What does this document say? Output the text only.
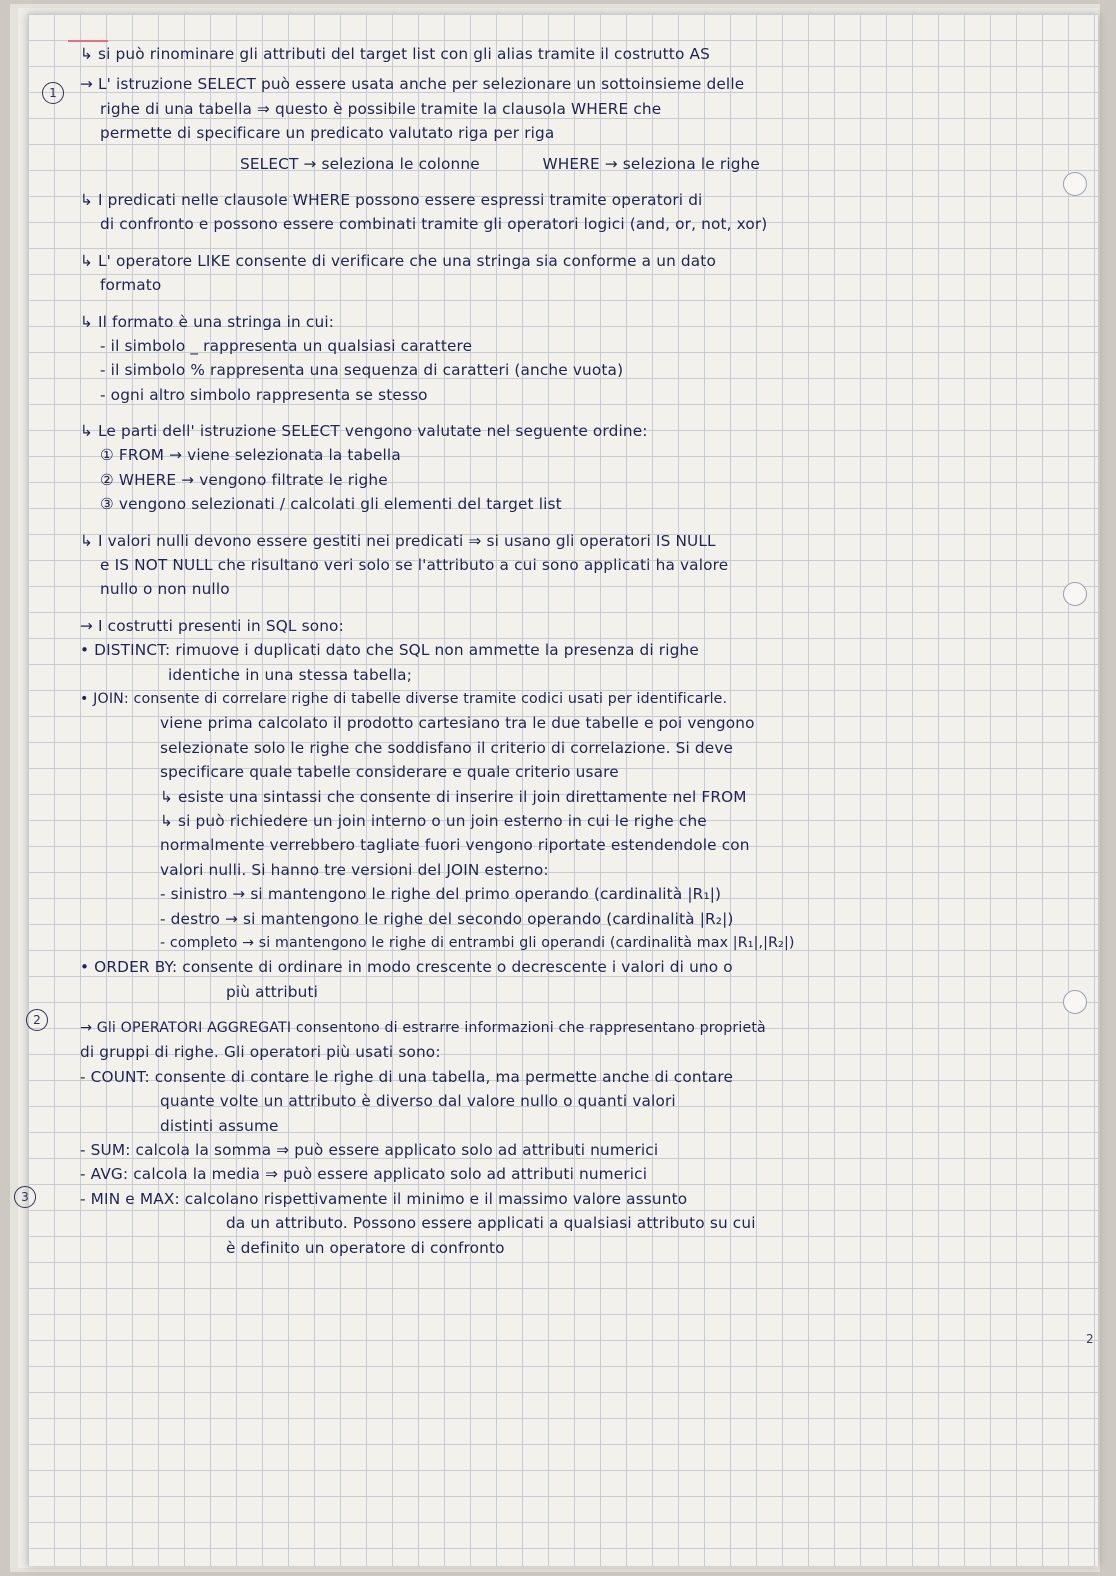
1
2
3
2
↳ si può rinominare gli attributi del target list con gli alias tramite il costrutto AS
→ L' istruzione SELECT può essere usata anche per selezionare un sottoinsieme delle
righe di una tabella ⇒ questo è possibile tramite la clausola WHERE che
permette di specificare un predicato valutato riga per riga
SELECT → seleziona le colonne	WHERE → seleziona le righe
↳ I predicati nelle clausole WHERE possono essere espressi tramite operatori di
di confronto e possono essere combinati tramite gli operatori logici (and, or, not, xor)
↳ L' operatore LIKE consente di verificare che una stringa sia conforme a un dato
formato
↳ Il formato è una stringa in cui:
- il simbolo _ rappresenta un qualsiasi carattere
- il simbolo % rappresenta una sequenza di caratteri (anche vuota)
- ogni altro simbolo rappresenta se stesso
↳ Le parti dell' istruzione SELECT vengono valutate nel seguente ordine:
① FROM → viene selezionata la tabella
② WHERE → vengono filtrate le righe
③ vengono selezionati / calcolati gli elementi del target list
↳ I valori nulli devono essere gestiti nei predicati ⇒ si usano gli operatori IS NULL
e IS NOT NULL che risultano veri solo se l'attributo a cui sono applicati ha valore
nullo o non nullo
→ I costrutti presenti in SQL sono:
• DISTINCT: rimuove i duplicati dato che SQL non ammette la presenza di righe
identiche in una stessa tabella;
• JOIN: consente di correlare righe di tabelle diverse tramite codici usati per identificarle.
viene prima calcolato il prodotto cartesiano tra le due tabelle e poi vengono
selezionate solo le righe che soddisfano il criterio di correlazione. Si deve
specificare quale tabelle considerare e quale criterio usare
↳ esiste una sintassi che consente di inserire il join direttamente nel FROM
↳ si può richiedere un join interno o un join esterno in cui le righe che
normalmente verrebbero tagliate fuori vengono riportate estendendole con
valori nulli. Si hanno tre versioni del JOIN esterno:
- sinistro → si mantengono le righe del primo operando (cardinalità |R₁|)
- destro → si mantengono le righe del secondo operando (cardinalità |R₂|)
- completo → si mantengono le righe di entrambi gli operandi (cardinalità max |R₁|,|R₂|)
• ORDER BY: consente di ordinare in modo crescente o decrescente i valori di uno o
più attributi
→ Gli OPERATORI AGGREGATI consentono di estrarre informazioni che rappresentano proprietà
di gruppi di righe. Gli operatori più usati sono:
- COUNT: consente di contare le righe di una tabella, ma permette anche di contare
quante volte un attributo è diverso dal valore nullo o quanti valori
distinti assume
- SUM: calcola la somma ⇒ può essere applicato solo ad attributi numerici
- AVG: calcola la media ⇒ può essere applicato solo ad attributi numerici
- MIN e MAX: calcolano rispettivamente il minimo e il massimo valore assunto
da un attributo. Possono essere applicati a qualsiasi attributo su cui
è definito un operatore di confronto
